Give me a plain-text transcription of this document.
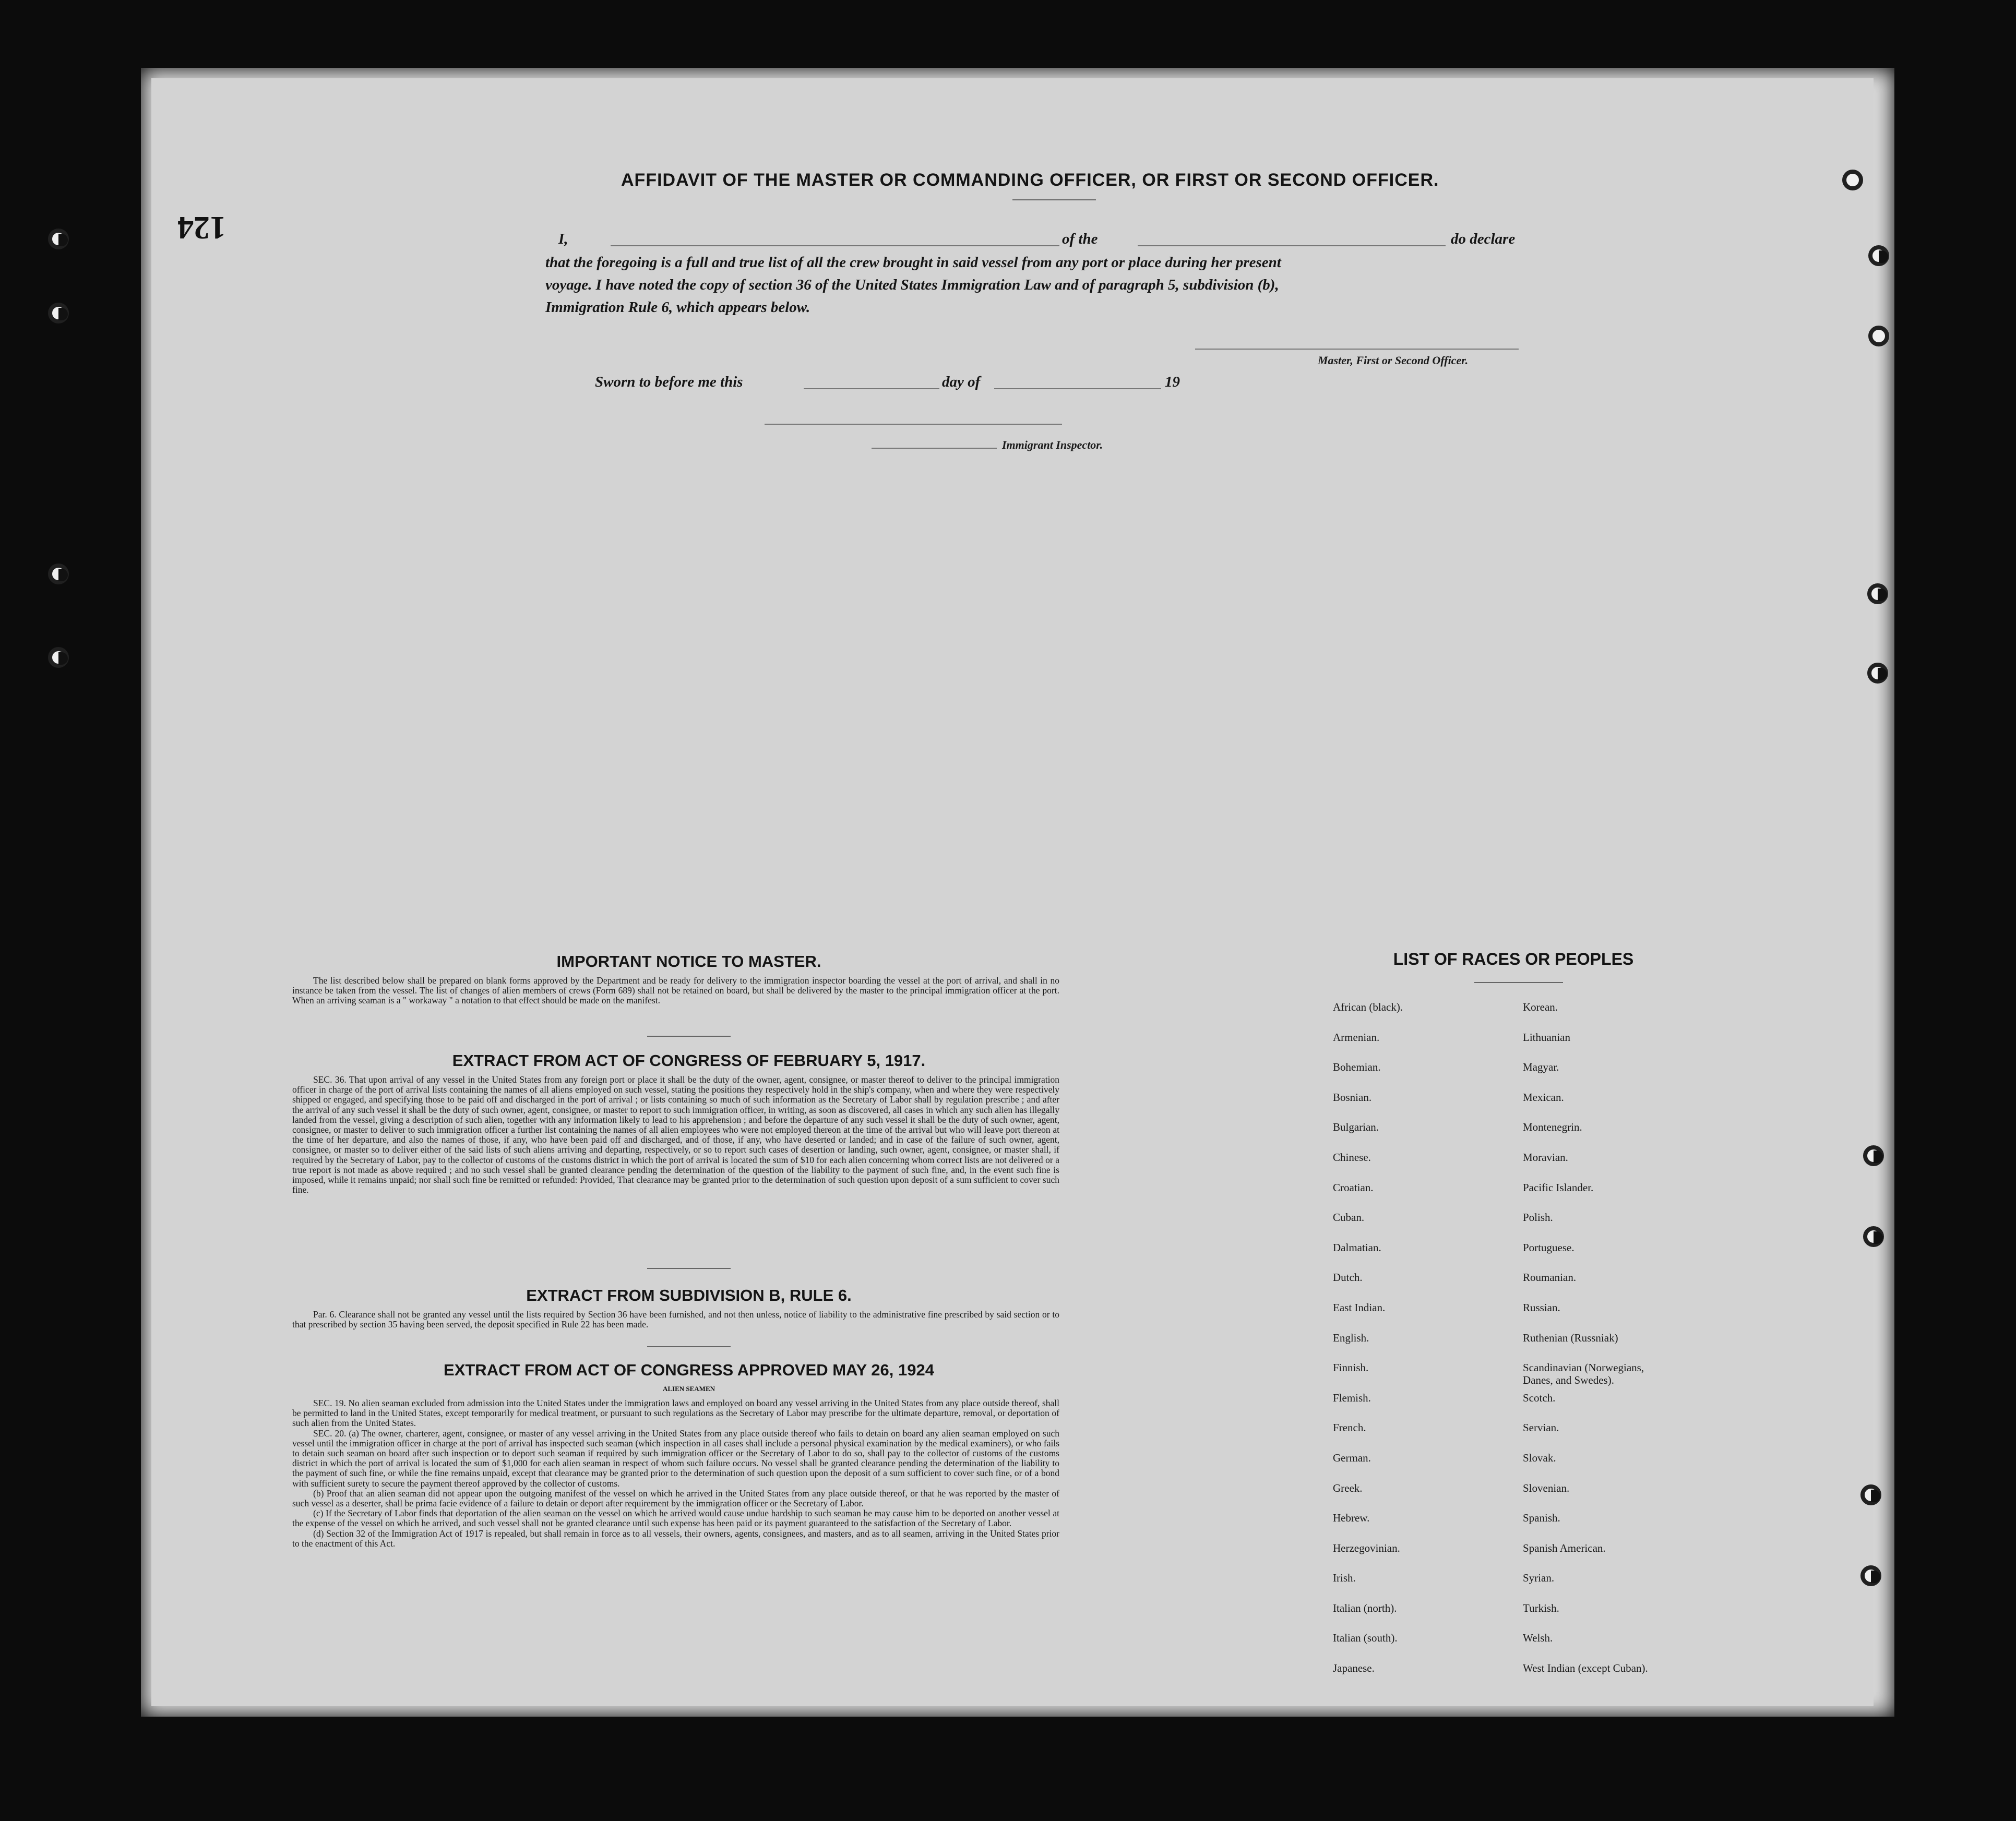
124
AFFIDAVIT OF THE MASTER OR COMMANDING OFFICER, OR FIRST OR SECOND OFFICER.
I,	of the	do declare
that the foregoing is a full and true list of all the crew brought in said vessel from any port or place during her present
voyage. I have noted the copy of section 36 of the United States Immigration Law and of paragraph 5, subdivision (b),
Immigration Rule 6, which appears below.
Master, First or Second Officer.
Sworn to before me this	day of	19
Immigrant Inspector.
IMPORTANT NOTICE TO MASTER.
The list described below shall be prepared on blank forms approved by the Department and be ready for delivery to the immigration inspector boarding the vessel at the port of arrival, and shall in no instance be taken from the vessel. The list of changes of alien members of crews (Form 689) shall not be retained on board, but shall be delivered by the master to the principal immigration officer at the port. When an arriving seaman is a " workaway " a notation to that effect should be made on the manifest.
EXTRACT FROM ACT OF CONGRESS OF FEBRUARY 5, 1917.
SEC. 36. That upon arrival of any vessel in the United States from any foreign port or place it shall be the duty of the owner, agent, consignee, or master thereof to deliver to the principal immigration officer in charge of the port of arrival lists containing the names of all aliens employed on such vessel, stating the positions they respectively hold in the ship's company, when and where they were respectively shipped or engaged, and specifying those to be paid off and discharged in the port of arrival ; or lists containing so much of such information as the Secretary of Labor shall by regulation prescribe ; and after the arrival of any such vessel it shall be the duty of such owner, agent, consignee, or master to report to such immigration officer, in writing, as soon as discovered, all cases in which any such alien has illegally landed from the vessel, giving a description of such alien, together with any information likely to lead to his apprehension ; and before the departure of any such vessel it shall be the duty of such owner, agent, consignee, or master to deliver to such immigration officer a further list containing the names of all alien employees who were not employed thereon at the time of the arrival but who will leave port thereon at the time of her departure, and also the names of those, if any, who have been paid off and discharged, and of those, if any, who have deserted or landed; and in case of the failure of such owner, agent, consignee, or master so to deliver either of the said lists of such aliens arriving and departing, respectively, or so to report such cases of desertion or landing, such owner, agent, consignee, or master shall, if required by the Secretary of Labor, pay to the collector of customs of the customs district in which the port of arrival is located the sum of $10 for each alien concerning whom correct lists are not delivered or a true report is not made as above required ; and no such vessel shall be granted clearance pending the determination of the question of the liability to the payment of such fine, and, in the event such fine is imposed, while it remains unpaid; nor shall such fine be remitted or refunded: Provided, That clearance may be granted prior to the determination of such question upon deposit of a sum sufficient to cover such fine.
EXTRACT FROM SUBDIVISION B, RULE 6.
Par. 6. Clearance shall not be granted any vessel until the lists required by Section 36 have been furnished, and not then unless, notice of liability to the administrative fine prescribed by said section or to that prescribed by section 35 having been served, the deposit specified in Rule 22 has been made.
EXTRACT FROM ACT OF CONGRESS APPROVED MAY 26, 1924
ALIEN SEAMEN

SEC. 19. No alien seaman excluded from admission into the United States under the immigration laws and employed on board any vessel arriving in the United States from any place outside thereof, shall be permitted to land in the United States, except temporarily for medical treatment, or pursuant to such regulations as the Secretary of Labor may prescribe for the ultimate departure, removal, or deportation of such alien from the United States.

SEC. 20. (a) The owner, charterer, agent, consignee, or master of any vessel arriving in the United States from any place outside thereof who fails to detain on board any alien seaman employed on such vessel until the immigration officer in charge at the port of arrival has inspected such seaman (which inspection in all cases shall include a personal physical examination by the medical examiners), or who fails to detain such seaman on board after such inspection or to deport such seaman if required by such immigration officer or the Secretary of Labor to do so, shall pay to the collector of customs of the customs district in which the port of arrival is located the sum of $1,000 for each alien seaman in respect of whom such failure occurs. No vessel shall be granted clearance pending the determination of the liability to the payment of such fine, or while the fine remains unpaid, except that clearance may be granted prior to the determination of such question upon the deposit of a sum sufficient to cover such fine, or of a bond with sufficient surety to secure the payment thereof approved by the collector of customs.

(b) Proof that an alien seaman did not appear upon the outgoing manifest of the vessel on which he arrived in the United States from any place outside thereof, or that he was reported by the master of such vessel as a deserter, shall be prima facie evidence of a failure to detain or deport after requirement by the immigration officer or the Secretary of Labor.

(c) If the Secretary of Labor finds that deportation of the alien seaman on the vessel on which he arrived would cause undue hardship to such seaman he may cause him to be deported on another vessel at the expense of the vessel on which he arrived, and such vessel shall not be granted clearance until such expense has been paid or its payment guaranteed to the satisfaction of the Secretary of Labor.

(d) Section 32 of the Immigration Act of 1917 is repealed, but shall remain in force as to all vessels, their owners, agents, consignees, and masters, and as to all seamen, arriving in the United States prior to the enactment of this Act.

LIST OF RACES OR PEOPLES
African (black).	Korean.
Armenian.	Lithuanian
Bohemian.	Magyar.
Bosnian.	Mexican.
Bulgarian.	Montenegrin.
Chinese.	Moravian.
Croatian.	Pacific Islander.
Cuban.	Polish.
Dalmatian.	Portuguese.
Dutch.	Roumanian.
East Indian.	Russian.
English.	Ruthenian (Russniak)
Finnish.	Scandinavian (Norwegians,
Danes, and Swedes).
Flemish.	Scotch.
French.	Servian.
German.	Slovak.
Greek.	Slovenian.
Hebrew.	Spanish.
Herzegovinian.	Spanish American.
Irish.	Syrian.
Italian (north).	Turkish.
Italian (south).	Welsh.
Japanese.	West Indian (except Cuban).
